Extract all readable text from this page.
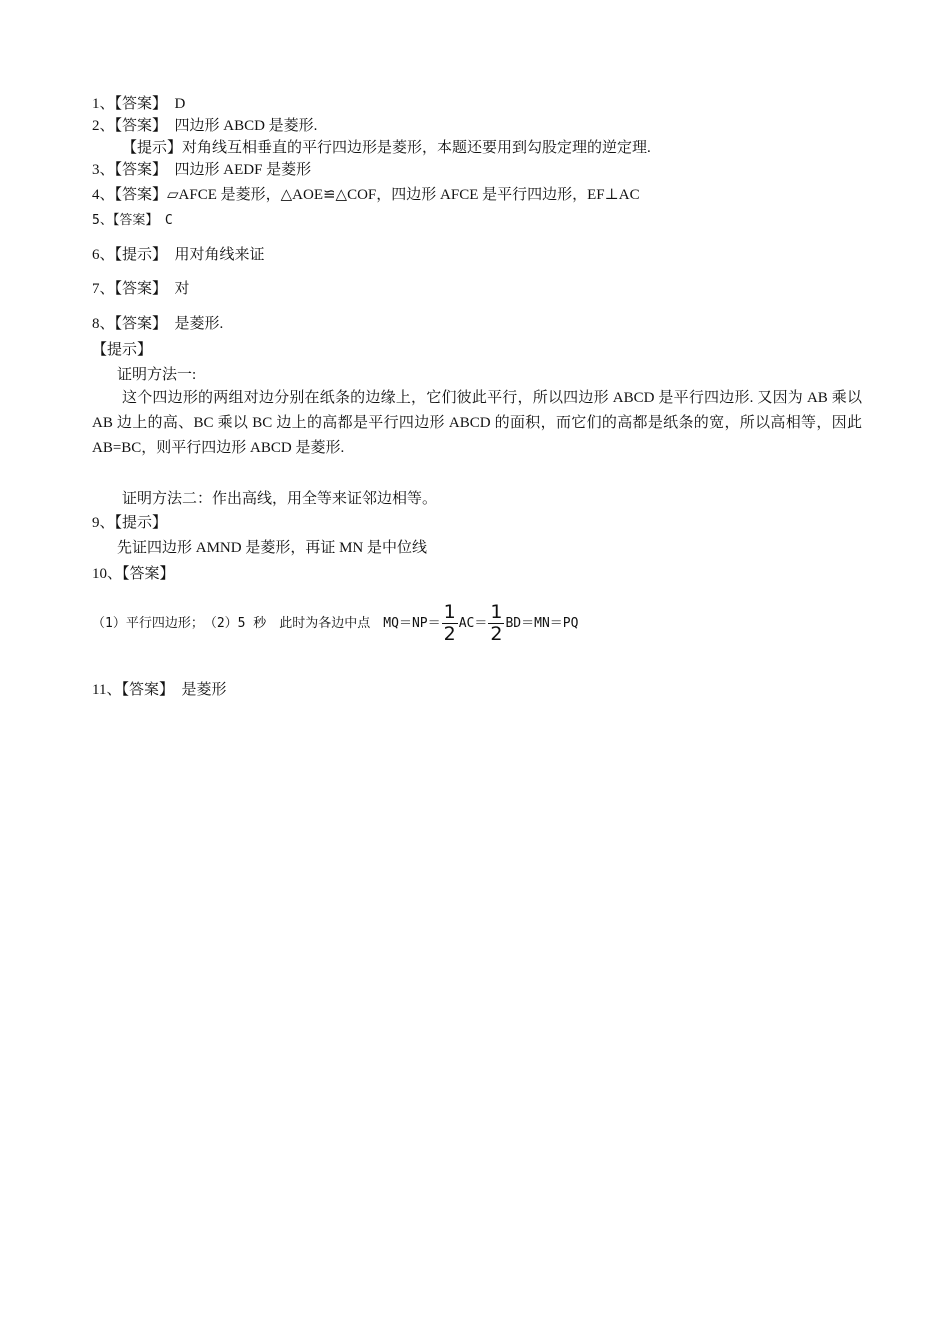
1、【答案】　D
2、【答案】　四边形 ABCD 是菱形.
【提示】对角线互相垂直的平行四边形是菱形，本题还要用到勾股定理的逆定理.
3、【答案】　四边形 AEDF 是菱形
4、【答案】▱AFCE 是菱形，△AOE≌△COF，四边形 AFCE 是平行四边形，EF⊥AC
5、【答案】　C
6、【提示】　用对角线来证
7、【答案】　对
8、【答案】　是菱形.
【提示】
证明方法一:
这个四边形的两组对边分别在纸条的边缘上，它们彼此平行，所以四边形 ABCD 是平行四边形. 又因为 AB 乘以 AB 边上的高、BC 乘以 BC 边上的高都是平行四边形 ABCD 的面积，而它们的高都是纸条的宽，所以高相等，因此 AB=BC，则平行四边形 ABCD 是菱形.
证明方法二：作出高线，用全等来证邻边相等。
9、【提示】
先证四边形 AMND 是菱形，再证 MN 是中位线
10、【答案】
（1）平行四边形；　（2）5 秒　此时为各边中点　$MQ=NP= \frac{1}{2} AC= \frac{1}{2} BD=MN=PQ$
11、【答案】　是菱形
